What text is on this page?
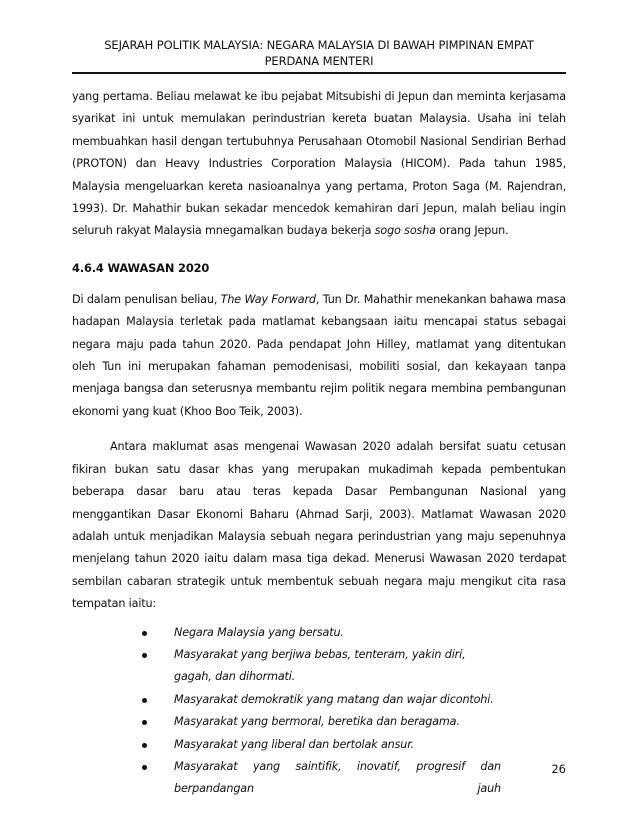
SEJARAH POLITIK MALAYSIA: NEGARA MALAYSIA DI BAWAH PIMPINAN EMPAT
PERDANA MENTERI

yang pertama. Beliau melawat ke ibu pejabat Mitsubishi di Jepun dan meminta kerjasama syarikat ini untuk memulakan perindustrian kereta buatan Malaysia. Usaha ini telah membuahkan hasil dengan tertubuhnya Perusahaan Otomobil Nasional Sendirian Berhad (PROTON) dan Heavy Industries Corporation Malaysia (HICOM). Pada tahun 1985, Malaysia mengeluarkan kereta nasioanalnya yang pertama, Proton Saga (M. Rajendran, 1993). Dr. Mahathir bukan sekadar mencedok kemahiran dari Jepun, malah beliau ingin seluruh rakyat Malaysia mnegamalkan budaya bekerja sogo sosha orang Jepun.

4.6.4 WAWASAN 2020

Di dalam penulisan beliau, The Way Forward, Tun Dr. Mahathir menekankan bahawa masa hadapan Malaysia terletak pada matlamat kebangsaan iaitu mencapai status sebagai negara maju pada tahun 2020. Pada pendapat John Hilley, matlamat yang ditentukan oleh Tun ini merupakan fahaman pemodenisasi, mobiliti sosial, dan kekayaan tanpa menjaga bangsa dan seterusnya membantu rejim politik negara membina pembangunan ekonomi yang kuat (Khoo Boo Teik, 2003).

Antara maklumat asas mengenai Wawasan 2020 adalah bersifat suatu cetusan fikiran bukan satu dasar khas yang merupakan mukadimah kepada pembentukan beberapa dasar baru atau teras kepada Dasar Pembangunan Nasional yang menggantikan Dasar Ekonomi Baharu (Ahmad Sarji, 2003). Matlamat Wawasan 2020 adalah untuk menjadikan Malaysia sebuah negara perindustrian yang maju sepenuhnya menjelang tahun 2020 iaitu dalam masa tiga dekad. Menerusi Wawasan 2020 terdapat sembilan cabaran strategik untuk membentuk sebuah negara maju mengikut cita rasa tempatan iaitu:

Negara Malaysia yang bersatu.
Masyarakat yang berjiwa bebas, tenteram, yakin diri, gagah, dan dihormati.
Masyarakat demokratik yang matang dan wajar dicontohi.
Masyarakat yang bermoral, beretika dan beragama.
Masyarakat yang liberal dan bertolak ansur.
Masyarakat yang saintifik, inovatif, progresif dan berpandangan jauh
26
